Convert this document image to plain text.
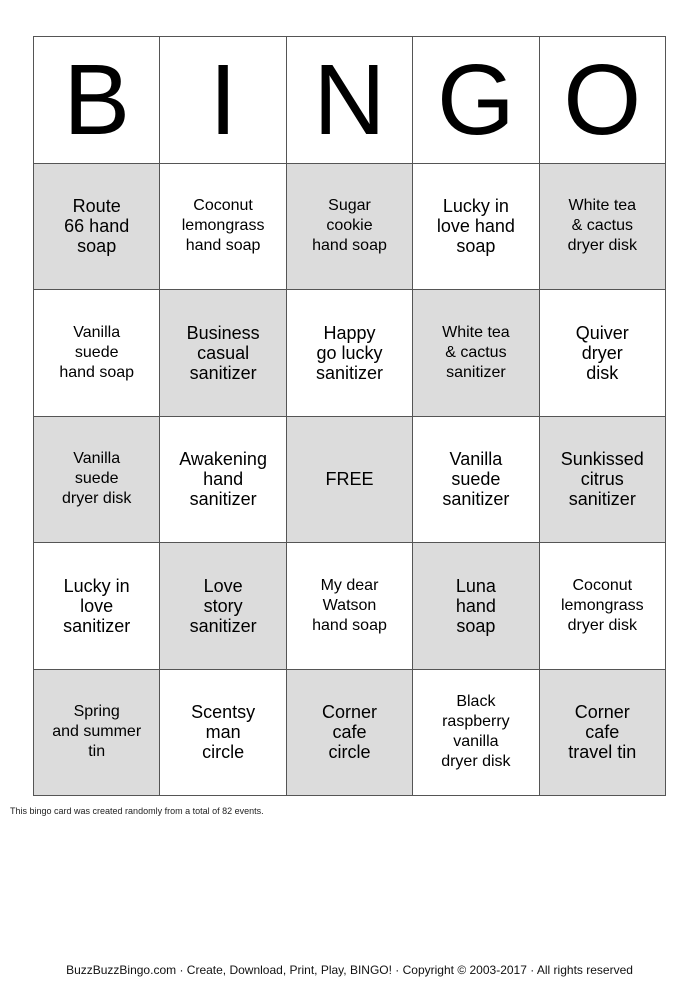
B I N G O
Route
66 hand
soap
Coconut
lemongrass
hand soap
Sugar
cookie
hand soap
Lucky in
love hand
soap
White tea
& cactus
dryer disk
Vanilla
suede
hand soap
Business
casual
sanitizer
Happy
go lucky
sanitizer
White tea
& cactus
sanitizer
Quiver
dryer
disk
Vanilla
suede
dryer disk
Awakening
hand
sanitizer
FREE
Vanilla
suede
sanitizer
Sunkissed
citrus
sanitizer
Lucky in
love
sanitizer
Love
story
sanitizer
My dear
Watson
hand soap
Luna
hand
soap
Coconut
lemongrass
dryer disk
Spring
and summer
tin
Scentsy
man
circle
Corner
cafe
circle
Black
raspberry
vanilla
dryer disk
Corner
cafe
travel tin
This bingo card was created randomly from a total of 82 events.
BuzzBuzzBingo.com · Create, Download, Print, Play, BINGO! · Copyright © 2003-2017 · All rights reserved
